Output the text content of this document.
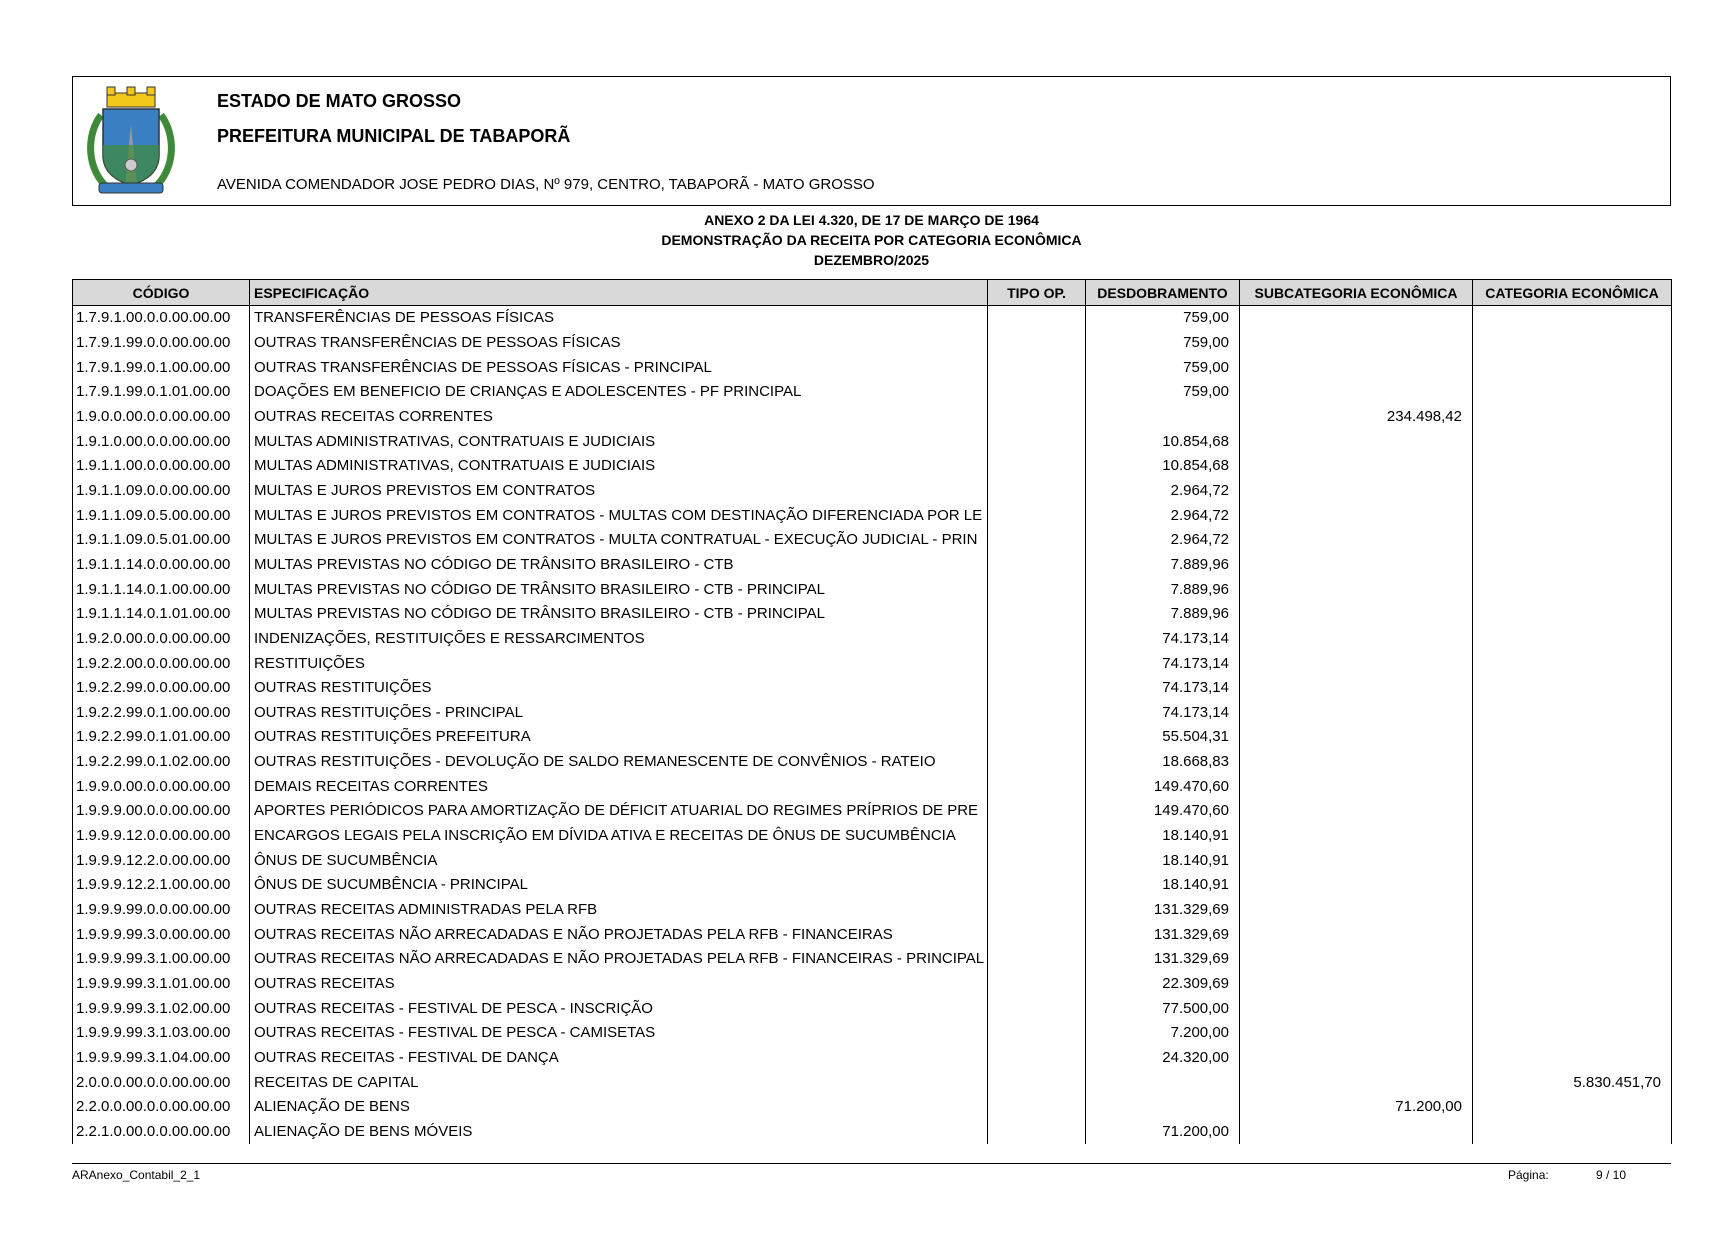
ESTADO DE MATO GROSSO
PREFEITURA MUNICIPAL DE TABAPORÃ
AVENIDA COMENDADOR JOSE PEDRO DIAS, Nº 979, CENTRO, TABAPORÃ - MATO GROSSO
ANEXO 2 DA LEI 4.320, DE 17 DE MARÇO DE 1964
DEMONSTRAÇÃO DA RECEITA POR CATEGORIA ECONÔMICA
DEZEMBRO/2025
CÓDIGO	ESPECIFICAÇÃO	TIPO OP.	DESDOBRAMENTO	SUBCATEGORIA ECONÔMICA	CATEGORIA ECONÔMICA
1.7.9.1.00.0.0.00.00.00	TRANSFERÊNCIAS DE PESSOAS FÍSICAS		759,00		
1.7.9.1.99.0.0.00.00.00	OUTRAS TRANSFERÊNCIAS DE PESSOAS FÍSICAS		759,00		
1.7.9.1.99.0.1.00.00.00	OUTRAS TRANSFERÊNCIAS DE PESSOAS FÍSICAS - PRINCIPAL		759,00		
1.7.9.1.99.0.1.01.00.00	DOAÇÕES EM BENEFICIO DE CRIANÇAS E ADOLESCENTES - PF PRINCIPAL		759,00		
1.9.0.0.00.0.0.00.00.00	OUTRAS RECEITAS CORRENTES			234.498,42	
1.9.1.0.00.0.0.00.00.00	MULTAS ADMINISTRATIVAS, CONTRATUAIS E JUDICIAIS		10.854,68		
1.9.1.1.00.0.0.00.00.00	MULTAS ADMINISTRATIVAS, CONTRATUAIS E JUDICIAIS		10.854,68		
1.9.1.1.09.0.0.00.00.00	MULTAS E JUROS PREVISTOS EM CONTRATOS		2.964,72		
1.9.1.1.09.0.5.00.00.00	MULTAS E JUROS PREVISTOS EM CONTRATOS - MULTAS COM DESTINAÇÃO DIFERENCIADA POR LE		2.964,72		
1.9.1.1.09.0.5.01.00.00	MULTAS E JUROS PREVISTOS EM CONTRATOS - MULTA CONTRATUAL - EXECUÇÃO JUDICIAL - PRIN		2.964,72		
1.9.1.1.14.0.0.00.00.00	MULTAS PREVISTAS NO CÓDIGO DE TRÂNSITO BRASILEIRO - CTB		7.889,96		
1.9.1.1.14.0.1.00.00.00	MULTAS PREVISTAS NO CÓDIGO DE TRÂNSITO BRASILEIRO - CTB - PRINCIPAL		7.889,96		
1.9.1.1.14.0.1.01.00.00	MULTAS PREVISTAS NO CÓDIGO DE TRÂNSITO BRASILEIRO - CTB - PRINCIPAL		7.889,96		
1.9.2.0.00.0.0.00.00.00	INDENIZAÇÕES, RESTITUIÇÕES E RESSARCIMENTOS		74.173,14		
1.9.2.2.00.0.0.00.00.00	RESTITUIÇÕES		74.173,14		
1.9.2.2.99.0.0.00.00.00	OUTRAS RESTITUIÇÕES		74.173,14		
1.9.2.2.99.0.1.00.00.00	OUTRAS RESTITUIÇÕES - PRINCIPAL		74.173,14		
1.9.2.2.99.0.1.01.00.00	OUTRAS RESTITUIÇÕES PREFEITURA		55.504,31		
1.9.2.2.99.0.1.02.00.00	OUTRAS RESTITUIÇÕES - DEVOLUÇÃO DE SALDO REMANESCENTE DE CONVÊNIOS - RATEIO		18.668,83		
1.9.9.0.00.0.0.00.00.00	DEMAIS RECEITAS CORRENTES		149.470,60		
1.9.9.9.00.0.0.00.00.00	APORTES PERIÓDICOS PARA AMORTIZAÇÃO DE DÉFICIT ATUARIAL DO REGIMES PRÍPRIOS DE PRE		149.470,60		
1.9.9.9.12.0.0.00.00.00	ENCARGOS LEGAIS PELA INSCRIÇÃO EM DÍVIDA ATIVA E RECEITAS DE ÔNUS DE SUCUMBÊNCIA		18.140,91		
1.9.9.9.12.2.0.00.00.00	ÔNUS DE SUCUMBÊNCIA		18.140,91		
1.9.9.9.12.2.1.00.00.00	ÔNUS DE SUCUMBÊNCIA - PRINCIPAL		18.140,91		
1.9.9.9.99.0.0.00.00.00	OUTRAS RECEITAS ADMINISTRADAS PELA RFB		131.329,69		
1.9.9.9.99.3.0.00.00.00	OUTRAS RECEITAS NÃO ARRECADADAS E NÃO PROJETADAS PELA RFB - FINANCEIRAS		131.329,69		
1.9.9.9.99.3.1.00.00.00	OUTRAS RECEITAS NÃO ARRECADADAS E NÃO PROJETADAS PELA RFB - FINANCEIRAS - PRINCIPAL		131.329,69		
1.9.9.9.99.3.1.01.00.00	OUTRAS RECEITAS		22.309,69		
1.9.9.9.99.3.1.02.00.00	OUTRAS RECEITAS - FESTIVAL DE PESCA - INSCRIÇÃO		77.500,00		
1.9.9.9.99.3.1.03.00.00	OUTRAS RECEITAS - FESTIVAL DE PESCA - CAMISETAS		7.200,00		
1.9.9.9.99.3.1.04.00.00	OUTRAS RECEITAS - FESTIVAL DE DANÇA		24.320,00		
2.0.0.0.00.0.0.00.00.00	RECEITAS DE CAPITAL				5.830.451,70
2.2.0.0.00.0.0.00.00.00	ALIENAÇÃO DE BENS			71.200,00	
2.2.1.0.00.0.0.00.00.00	ALIENAÇÃO DE BENS MÓVEIS		71.200,00		
ARAnexo_Contabil_2_1	Página:	9 / 10
